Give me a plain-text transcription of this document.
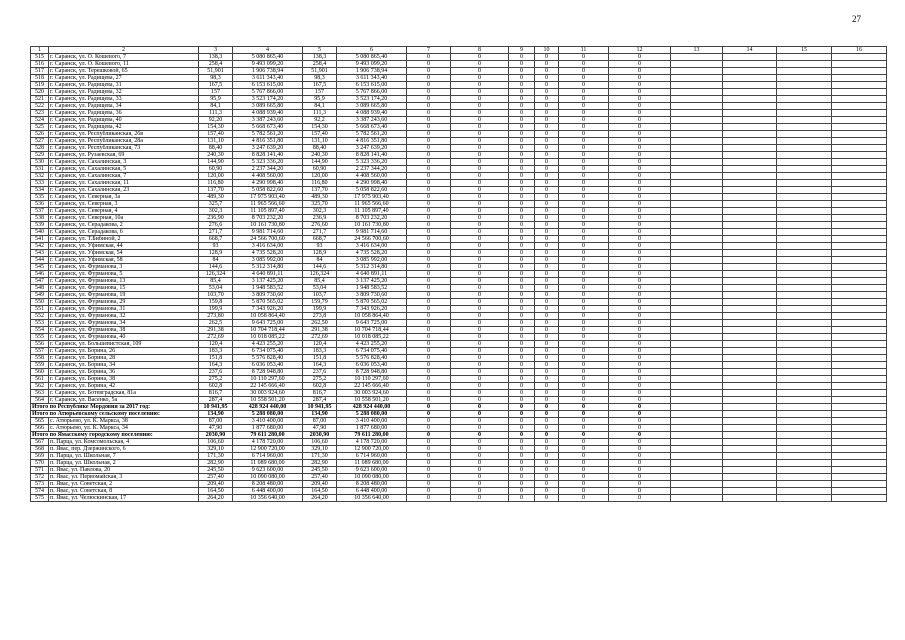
27
1	2	3	4	5	6	7	8	9	10	11	12	13	14	15	16
515	г. Саранск, ул. О. Кошевого, 7	138,3	5 080 865,40	138,3	5 080 865,40	0	0	0	0	0	0				
516	г. Саранск, ул. О. Кошевого, 11	258,4	9 493 099,20	258,4	9 493 099,20	0	0	0	0	0	0				
517	г. Саранск, ул. Терешковой, 65	51,901	1 906 738,94	51,901	1 906 738,94	0	0	0	0	0	0				
518	г. Саранск, ул. Радищева, 27	98,3	3 611 343,40	98,3	3 611 343,40	0	0	0	0	0	0				
519	г. Саранск, ул. Радищева, 31	167,5	6 153 615,00	167,5	6 153 615,00	0	0	0	0	0	0				
520	г. Саранск, ул. Радищева, 32	157	5 767 866,00	157	5 767 866,00	0	0	0	0	0	0				
521	г. Саранск, ул. Радищева, 33	95,9	3 523 174,20	95,9	3 523 174,20	0	0	0	0	0	0				
522	г. Саранск, ул. Радищева, 34	84,1	3 089 665,80	84,1	3 089 665,80	0	0	0	0	0	0				
523	г. Саранск, ул. Радищева, 36	111,3	4 088 939,40	111,3	4 088 939,40	0	0	0	0	0	0				
524	г. Саранск, ул. Радищева, 40	92,20	3 387 243,60	92,2	3 387 243,60	0	0	0	0	0	0				
525	г. Саранск, ул. Радищева, 42	154,30	5 668 673,40	154,30	5 668 673,40	0	0	0	0	0	0				
526	г. Саранск, ул. Республиканская, 26в	157,40	5 782 561,20	157,40	5 782 561,20	0	0	0	0	0	0				
527	г. Саранск, ул. Республиканская, 28а	131,10	4 816 351,80	131,10	4 816 351,80	0	0	0	0	0	0				
528	г. Саранск, ул. Республиканская, 73	88,40	3 247 639,20	88,40	3 247 639,20	0	0	0	0	0	0				
529	г. Саранск, ул. Рузаевская, 69	240,30	8 828 141,40	240,30	8 828 141,40	0	0	0	0	0	0				
530	г. Саранск, ул. Сахалинская, 3	144,90	5 323 336,20	144,90	5 323 336,20	0	0	0	0	0	0				
531	г. Саранск, ул. Сахалинская, 5	60,90	2 237 344,20	60,90	2 237 344,20	0	0	0	0	0	0				
532	г. Саранск, ул. Сахалинская, 7	120,00	4 408 560,00	120,00	4 408 560,00	0	0	0	0	0	0				
533	г. Саранск, ул. Сахалинская, 11	116,80	4 290 998,40	116,80	4 290 998,40	0	0	0	0	0	0				
534	г. Саранск, ул. Сахалинская, 23	137,70	5 058 822,60	137,70	5 058 822,60	0	0	0	0	0	0				
535	г. Саранск, ул. Северная, 3а	489,30	17 975 903,40	489,30	17 975 903,40	0	0	0	0	0	0				
536	г. Саранск, ул. Северная, 3	325,7	11 965 566,60	325,70	11 965 566,60	0	0	0	0	0	0				
537	г. Саранск, ул. Северная, 4	302,3	11 105 897,40	302,3	11 105 897,40	0	0	0	0	0	0				
538	г. Саранск, ул. Северная, 10а	236,90	8 703 232,20	236,9	8 703 232,20	0	0	0	0	0	0				
539	г. Саранск, ул. Серадакова, 2	276,6	10 161 730,80	276,60	10 161 730,80	0	0	0	0	0	0				
540	г. Саранск, ул. Серадакова, 6	271,7	9 981 714,60	271,7	9 981 714,60	0	0	0	0	0	0				
541	г. Саранск, ул. Т.Бибиной, 2	668,7	24 566 700,60	668,7	24 566 700,60	0	0	0	0	0	0				
542	г. Саранск, ул. Уфимская, 44	93	3 416 634,00	93	3 416 634,00	0	0	0	0	0	0				
543	г. Саранск, ул. Уфимская, 54	128,9	4 735 528,20	128,9	4 735 528,20	0	0	0	0	0	0				
544	г. Саранск, ул. Уфимская, 58	84	3 085 992,00	84	3 085 992,00	0	0	0	0	0	0				
545	г. Саранск, ул. Фурманова, 3	144,6	5 312 314,80	144,6	5 312 314,80	0	0	0	0	0	0				
546	г. Саранск, ул. Фурманова, 5	126,324	4 640 891,11	126,324	4 640 891,11	0	0	0	0	0	0				
547	г. Саранск, ул. Фурманова, 13	85,4	3 137 425,20	85,4	3 137 425,20	0	0	0	0	0	0				
548	г. Саранск, ул. Фурманова, 15	53,04	1 948 583,52	53,04	1 948 583,52	0	0	0	0	0	0				
549	г. Саранск, ул. Фурманова, 19	103,70	3 809 730,60	103,7	3 809 730,60	0	0	0	0	0	0				
550	г. Саранск, ул. Фурманова, 29	159,8	5 870 565,02	159,79	5 870 565,02	0	0	0	0	0	0				
551	г. Саранск, ул. Фурманова, 31	199,9	7 343 926,20	199,9	7 343 926,20	0	0	0	0	0	0				
552	г. Саранск, ул. Фурманова, 32	273,80	10 058 864,40	273,8	10 058 864,40	0	0	0	0	0	0				
553	г. Саранск, ул. Фурманова, 34	262,5	9 643 725,00	262,50	9 643 725,00	0	0	0	0	0	0				
554	г. Саранск, ул. Фурманова, 38	291,38	10 704 718,44	291,38	10 704 718,44	0	0	0	0	0	0				
555	г. Саранск, ул. Фурманова, 40	272,69	10 018 085,22	272,69	10 018 085,22	0	0	0	0	0	0				
556	г. Саранск, ул. Большевистская, 109	120,4	4 423 255,20	120,4	4 423 255,20	0	0	0	0	0	0				
557	г. Саранск, ул. Борина, 26	183,3	6 734 075,40	183,3	6 734 075,40	0	0	0	0	0	0				
558	г. Саранск, ул. Борина, 28	151,8	5 576 828,40	151,8	5 576 828,40	0	0	0	0	0	0				
559	г. Саранск, ул. Борина, 34	164,3	6 036 053,40	164,3	6 036 053,40	0	0	0	0	0	0				
560	г. Саранск, ул. Борина, 36	237,6	8 728 948,80	237,6	8 728 948,80	0	0	0	0	0	0				
561	г. Саранск, ул. Борина, 38	275,2	10 110 297,60	275,2	10 110 297,60	0	0	0	0	0	0				
562	г. Саранск, ул. Борина, 42	602,8	22 145 666,40	602,8	22 145 666,40	0	0	0	0	0	0				
563	г. Саранск, ул. Ботевградская, 81а	816,7	30 003 924,60	816,7	30 003 924,60	0	0	0	0	0	0				
564	г. Саранск, ул. Васенко, 5а	287,4	10 558 501,20	287,4	10 558 501,20	0	0	0	0	0	0				
Итого по Республике Мордовия за 2017 год:		10 941,95	428 924 440,00	10 941,95	428 924 440,00	0	0	0	0	0	0				
Итого по Атюрьевскому сельскому поселению:		134,90	5 288 080,00	134,90	5 288 080,00	0	0	0	0	0	0				
565	с. Атюрьево, ул. К. Маркса, 38	87,00	3 410 400,00	87,00	3 410 400,00	0	0	0	0	0	0				
566	с. Атюрьево, ул. К. Маркса, 34	47,90	1 877 680,00	47,90	1 877 680,00	0	0	0	0	0	0				
Итого по Ямасскому городскому поселению:		2030,90	79 611 280,00	2030,90	79 611 280,00	0	0	0	0	0	0				
567	п. Парца, ул. Комсомольская, 4	106,60	4 178 720,00	106,60	4 178 720,00	0	0	0	0	0	0				
568	п. Явас, пер. Дзержинского, 6	329,10	12 900 720,00	329,10	12 900 720,00	0	0	0	0	0	0				
569	п. Парца, ул. Школьная, 7	171,30	6 714 960,00	171,30	6 714 960,00	0	0	0	0	0	0				
570	п. Парца, ул. Школьная, 2	282,90	11 089 680,00	282,90	11 089 680,00	0	0	0	0	0	0				
571	п. Явас, ул. Павлова, 20	245,50	9 623 600,00	245,50	9 623 600,00	0	0	0	0	0	0				
572	п. Явас, ул. Первомайская, 3	257,40	10 090 080,00	257,40	10 090 080,00	0	0	0	0	0	0				
573	п. Явас, ул. Советская, 2	209,40	8 208 480,00	209,40	8 208 480,00	0	0	0	0	0	0				
574	п. Явас, ул. Советская, 8	164,50	6 448 400,00	164,50	6 448 400,00	0	0	0	0	0	0				
575	п. Явас, ул. Челюскинская, 17	264,20	10 356 640,00	264,20	10 356 640,00	0	0	0	0	0	0				
